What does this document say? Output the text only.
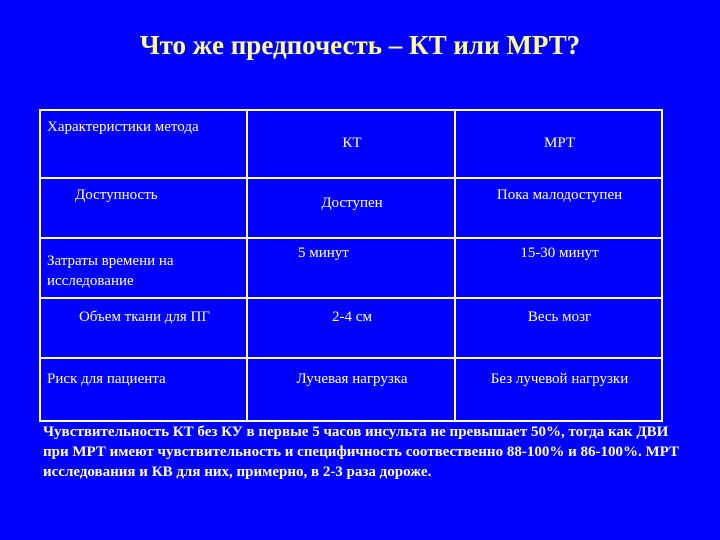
Что же предпочесть – КТ или МРТ?
Характеристики метода	КТ	МРТ

Доступность	Доступен	Пока малодоступен

Затраты времени на исследование	5 минут	15-30 минут

Объем ткани для ПГ	2-4 см	Весь мозг

Риск для пациента	Лучевая нагрузка	Без лучевой нагрузки
Чувствительность КТ без КУ в первые 5 часов инсульта не превышает 50%, тогда как ДВИ при МРТ имеют чувствительность и специфичность соотвественно 88-100% и 86-100%. МРТ исследования и КВ для них, примерно, в 2-3 раза дороже.
